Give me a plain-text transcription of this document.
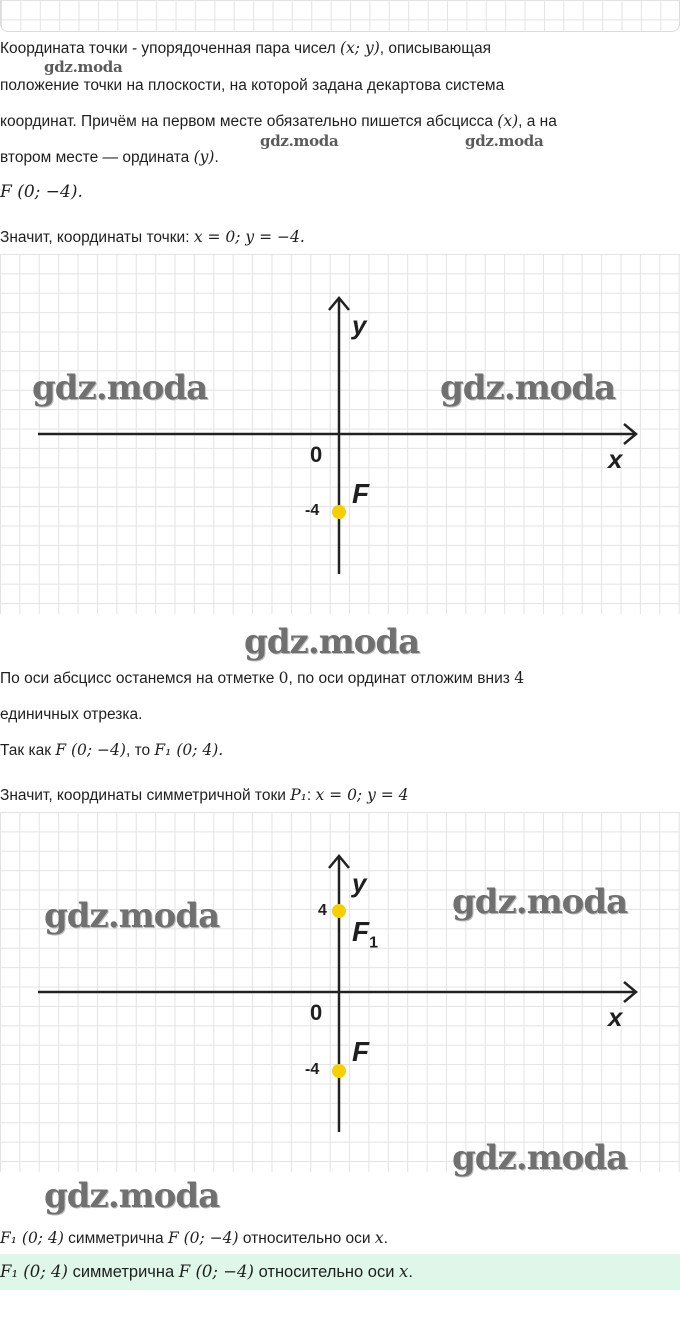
Координата точки - упорядоченная пара чисел (x; y), описывающая
gdz.moda
положение точки на плоскости, на которой задана декартова система
координат. Причём на первом месте обязательно пишется абсцисса (x), а на
втором месте — ордината (y).
gdz.moda	gdz.moda
F (0; −4).
Значит, координаты точки: x = 0; y = −4.
y
x
0
-4
F
gdz.moda	gdz.moda
gdz.moda
По оси абсцисс останемся на отметке 0, по оси ординат отложим вниз 4
единичных отрезка.
Так как F (0; −4), то F₁ (0; 4).
Значит, координаты симметричной токи P₁: x = 0; y = 4
y
x
0
4
-4
$F_1$
F
gdz.moda	gdz.moda
gdz.moda
gdz.moda
F₁ (0; 4) симметрична F (0; −4) относительно оси x.
F₁ (0; 4) симметрична F (0; −4) относительно оси x.
